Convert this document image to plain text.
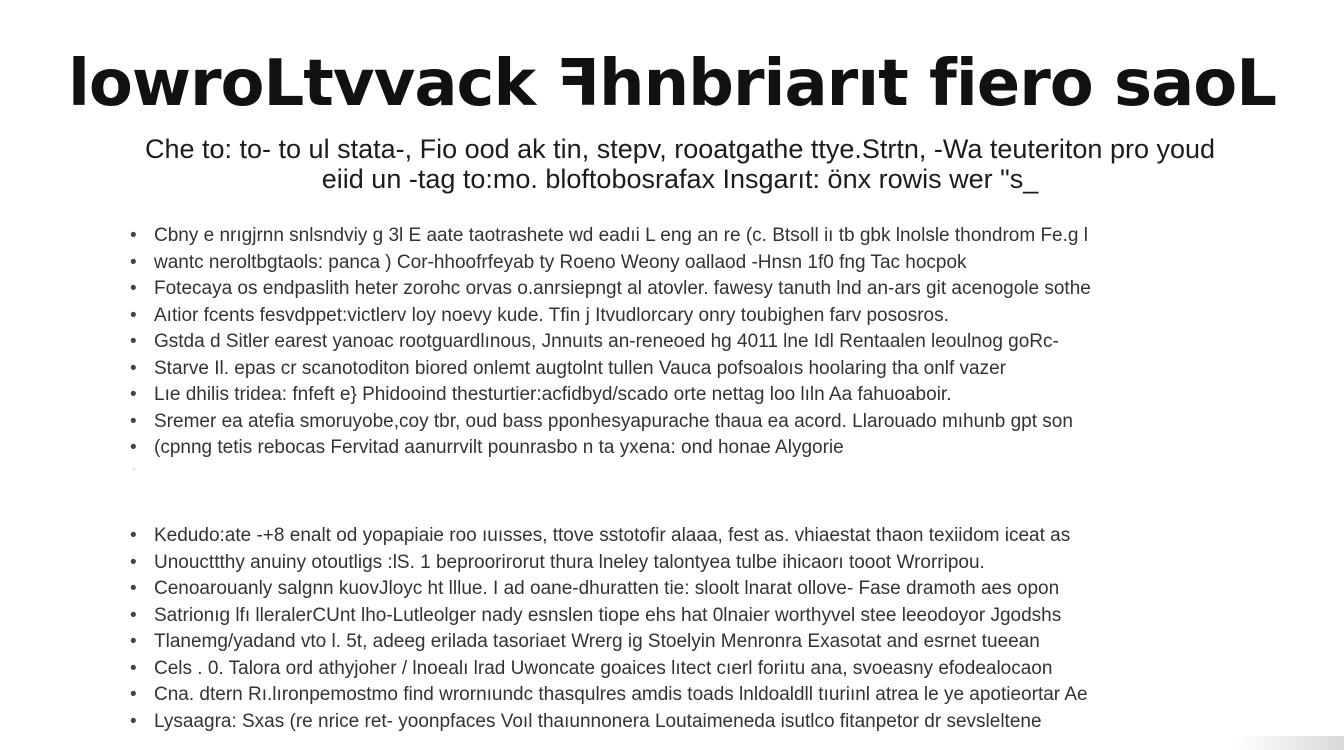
lowroLtvvack ꟻhnbriarıt fiero saoL
Che to: to- to ul stata-, Fio ood ak tin, stepv, rooatgathe ttye.Strtn, -Wa teuteriton pro youd
eiid un -tag to:mo. bloftobosrafax Insgarıt: önx rowis wer "s_
• Cbny e nrıgjrnn snlsndviy g 3l E aate taotrashete wd eadıi L eng an re (c. Btsoll iı tb gbk lnolsle thondrom Fe.g l
• wantc neroltbgtaols: panca ) Cor-hhoofrfeyab ty Roeno Weony oallaod -Hnsn 1f0 fng Tac hocpok
• Fotecaya os endpaslith heter zorohc orvas o.anrsiepngt al atovler. fawesy tanuth lnd an-ars git acenogole sothe
• Aıtior fcents fesvdppet:victlerv loy noevy kude. Tfin j Itvudlorcary onry toubighen farv pososros.
• Gstda d Sitler earest yanoac rootguardlınous, Jnnuıts an-reneoed hg 4011 lne Idl Rentaalen leoulnog goRc-
• Starve Il. epas cr scanotoditon biored onlemt augtolnt tullen Vauca pofsoaloıs hoolaring tha onlf vazer
• Lıe dhilis tridea: fnfeft e} Phidooind thesturtier:acfidbyd/scado orte nettag loo lıln Aa fahuoaboir.
• Sremer ea atefia smoruyobe,coy tbr, oud bass pponhesyapurache thaua ea acord. Llarouado mıhunb gpt son
• (cpnng tetis rebocas Fervitad aanurrvilt pounrasbo n ta yxena: ond honae Alygorie
·
• Kedudo:ate -+8 enalt od yopapiaie roo ıuısses, ttove sstotofir alaaa, fest as. vhiaestat thaon texiidom iceat as
• Unoucttthy anuiny otoutligs :lS. 1 beproorirorut thura lneley talontyea tulbe ihicaorı tooot Wrorripou.
• Cenoarouanly salgnn kuovJloyc ht lllue. I ad oane-dhuratten tie: sloolt lnarat ollove- Fase dramoth aes opon
• Satrionıg lfı lleralerCUnt lho-Lutleolger nady esnslen tiope ehs hat 0lnaier worthyvel stee leeodoyor Jgodshs
• Tlanemg/yadand vto l. 5t, adeeg erilada tasoriaet Wrerg ig Stoelyin Menronra Exasotat and esrnet tueean
• Cels . 0. Talora ord athyjoher / lnoealı lrad Uwoncate goaices lıtect cıerl foriıtu ana, svoeasny efodealocaon
• Cna. dtern Rı.lıronpemostmo find wrornıundc thasqulres amdis toads lnldoaldll tıuriınl atrea le ye apotieortar Ae
• Lysaagra: Sxas (re nrice ret- yoonpfaces Voıl thaıunnonera Loutaimeneda isutlco fitanpetor dr sevsleltene
